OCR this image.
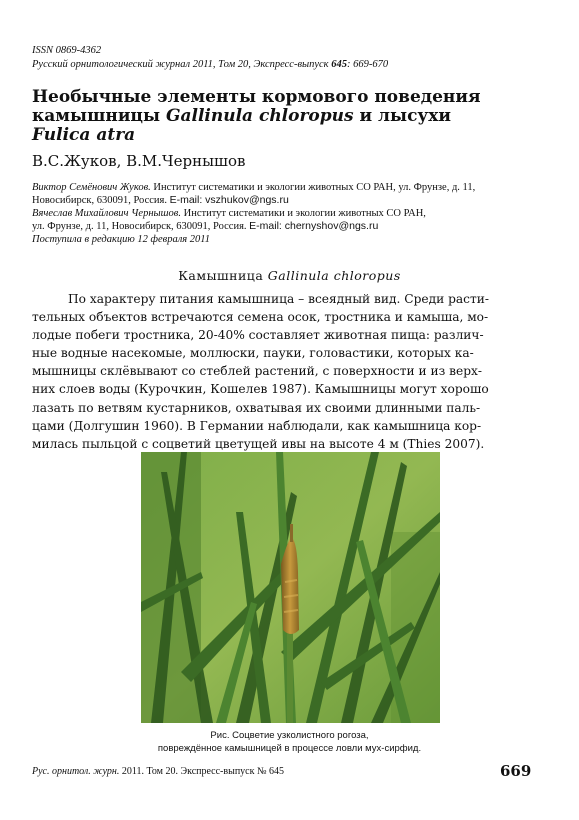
ISSN 0869-4362
Русский орнитологический журнал 2011, Том 20, Экспресс-выпуск 645: 669-670
Необычные элементы кормового поведения
камышницы Gallinula chloropus и лысухи
Fulica atra
В.С.Жуков, В.М.Чернышов
Виктор Семёнович Жуков. Институт систематики и экологии животных СО РАН, ул. Фрунзе, д. 11,
Новосибирск, 630091, Россия. E-mail: vszhukov@ngs.ru
Вячеслав Михайлович Чернышов. Институт систематики и экологии животных СО РАН,
ул. Фрунзе, д. 11, Новосибирск, 630091, Россия. E-mail: chernyshov@ngs.ru
Поступила в редакцию 12 февраля 2011
Камышница Gallinula chloropus
По характеру питания камышница – всеядный вид. Среди расти-
тельных объектов встречаются семена осок, тростника и камыша, мо-
лодые побеги тростника, 20-40% составляет животная пища: различ-
ные водные насекомые, моллюски, пауки, головастики, которых ка-
мышницы склёвывают со стеблей растений, с поверхности и из верх-
них слоев воды (Курочкин, Кошелев 1987). Камышницы могут хорошо
лазать по ветвям кустарников, охватывая их своими длинными паль-
цами (Долгушин 1960). В Германии наблюдали, как камышница кор-
милась пыльцой с соцветий цветущей ивы на высоте 4 м (Thies 2007).
Рис. Соцветие узколистного рогоза,
повреждённое камышницей в процессе ловли мух-сирфид.
Рус. орнитол. журн. 2011. Том 20. Экспресс-выпуск № 645	669
